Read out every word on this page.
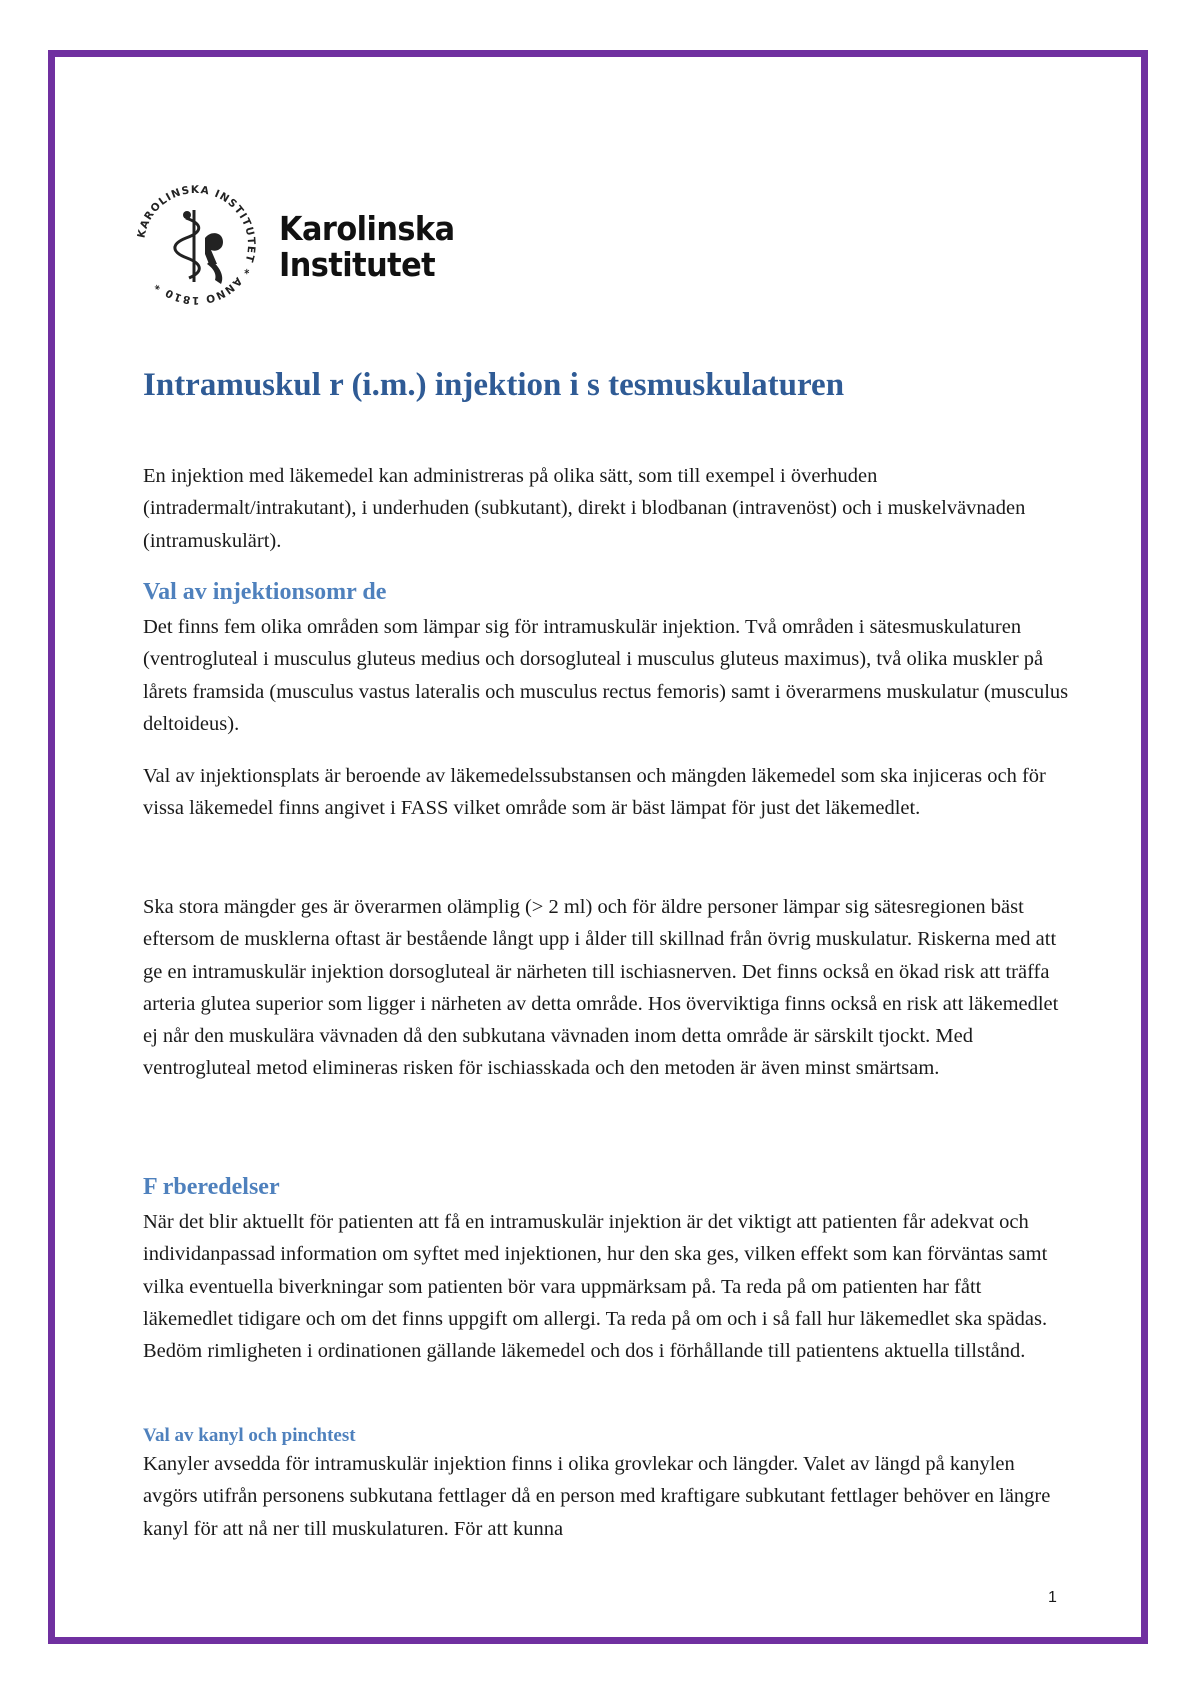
KAROLINSKA INSTITUTET * ANNO 1810 *
Karolinska
Institutet
Intramuskul r (i.m.) injektion i s tesmuskulaturen

En injektion med läkemedel kan administreras på olika sätt, som till exempel i överhuden (intradermalt/intrakutant), i underhuden (subkutant), direkt i blodbanan (intravenöst) och i muskelvävnaden (intramuskulärt).

Val av injektionsomr de

Det finns fem olika områden som lämpar sig för intramuskulär injektion. Två områden i sätesmuskulaturen (ventrogluteal i musculus gluteus medius och dorsogluteal i musculus gluteus maximus), två olika muskler på lårets framsida (musculus vastus lateralis och musculus rectus femoris) samt i överarmens muskulatur (musculus deltoideus).

Val av injektionsplats är beroende av läkemedelssubstansen och mängden läkemedel som ska injiceras och för vissa läkemedel finns angivet i FASS vilket område som är bäst lämpat för just det läkemedlet.

Ska stora mängder ges är överarmen olämplig (> 2 ml) och för äldre personer lämpar sig sätesregionen bäst eftersom de musklerna oftast är bestående långt upp i ålder till skillnad från övrig muskulatur. Riskerna med att ge en intramuskulär injektion dorsogluteal är närheten till ischiasnerven. Det finns också en ökad risk att träffa arteria glutea superior som ligger i närheten av detta område. Hos överviktiga finns också en risk att läkemedlet ej når den muskulära vävnaden då den subkutana vävnaden inom detta område är särskilt tjockt. Med ventrogluteal metod elimineras risken för ischiasskada och den metoden är även minst smärtsam.

F rberedelser

När det blir aktuellt för patienten att få en intramuskulär injektion är det viktigt att patienten får adekvat och individanpassad information om syftet med injektionen, hur den ska ges, vilken effekt som kan förväntas samt vilka eventuella biverkningar som patienten bör vara uppmärksam på. Ta reda på om patienten har fått läkemedlet tidigare och om det finns uppgift om allergi. Ta reda på om och i så fall hur läkemedlet ska spädas. Bedöm rimligheten i ordinationen gällande läkemedel och dos i förhållande till patientens aktuella tillstånd.

Val av kanyl och pinchtest

Kanyler avsedda för intramuskulär injektion finns i olika grovlekar och längder. Valet av längd på kanylen avgörs utifrån personens subkutana fettlager då en person med kraftigare subkutant fettlager behöver en längre kanyl för att nå ner till muskulaturen. För att kunna

1
